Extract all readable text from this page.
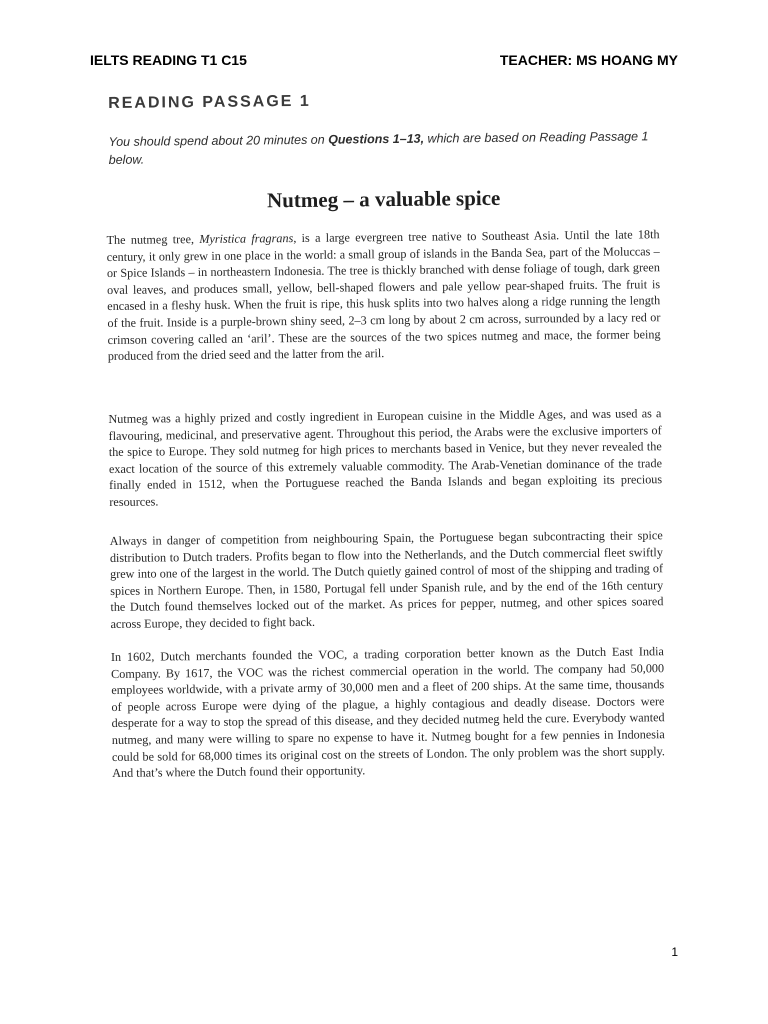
IELTS READING T1 C15	TEACHER: MS HOANG MY
READING PASSAGE 1
You should spend about 20 minutes on Questions 1–13, which are based on Reading Passage 1 below.
Nutmeg – a valuable spice

The nutmeg tree, Myristica fragrans, is a large evergreen tree native to Southeast Asia. Until the late 18th century, it only grew in one place in the world: a small group of islands in the Banda Sea, part of the Moluccas – or Spice Islands – in northeastern Indonesia. The tree is thickly branched with dense foliage of tough, dark green oval leaves, and produces small, yellow, bell-shaped flowers and pale yellow pear-shaped fruits. The fruit is encased in a fleshy husk. When the fruit is ripe, this husk splits into two halves along a ridge running the length of the fruit. Inside is a purple-brown shiny seed, 2–3 cm long by about 2 cm across, surrounded by a lacy red or crimson covering called an ‘aril’. These are the sources of the two spices nutmeg and mace, the former being produced from the dried seed and the latter from the aril.

Nutmeg was a highly prized and costly ingredient in European cuisine in the Middle Ages, and was used as a flavouring, medicinal, and preservative agent. Throughout this period, the Arabs were the exclusive importers of the spice to Europe. They sold nutmeg for high prices to merchants based in Venice, but they never revealed the exact location of the source of this extremely valuable commodity. The Arab-Venetian dominance of the trade finally ended in 1512, when the Portuguese reached the Banda Islands and began exploiting its precious resources.

Always in danger of competition from neighbouring Spain, the Portuguese began subcontracting their spice distribution to Dutch traders. Profits began to flow into the Netherlands, and the Dutch commercial fleet swiftly grew into one of the largest in the world. The Dutch quietly gained control of most of the shipping and trading of spices in Northern Europe. Then, in 1580, Portugal fell under Spanish rule, and by the end of the 16th century the Dutch found themselves locked out of the market. As prices for pepper, nutmeg, and other spices soared across Europe, they decided to fight back.

In 1602, Dutch merchants founded the VOC, a trading corporation better known as the Dutch East India Company. By 1617, the VOC was the richest commercial operation in the world. The company had 50,000 employees worldwide, with a private army of 30,000 men and a fleet of 200 ships. At the same time, thousands of people across Europe were dying of the plague, a highly contagious and deadly disease. Doctors were desperate for a way to stop the spread of this disease, and they decided nutmeg held the cure. Everybody wanted nutmeg, and many were willing to spare no expense to have it. Nutmeg bought for a few pennies in Indonesia could be sold for 68,000 times its original cost on the streets of London. The only problem was the short supply. And that’s where the Dutch found their opportunity.

1
